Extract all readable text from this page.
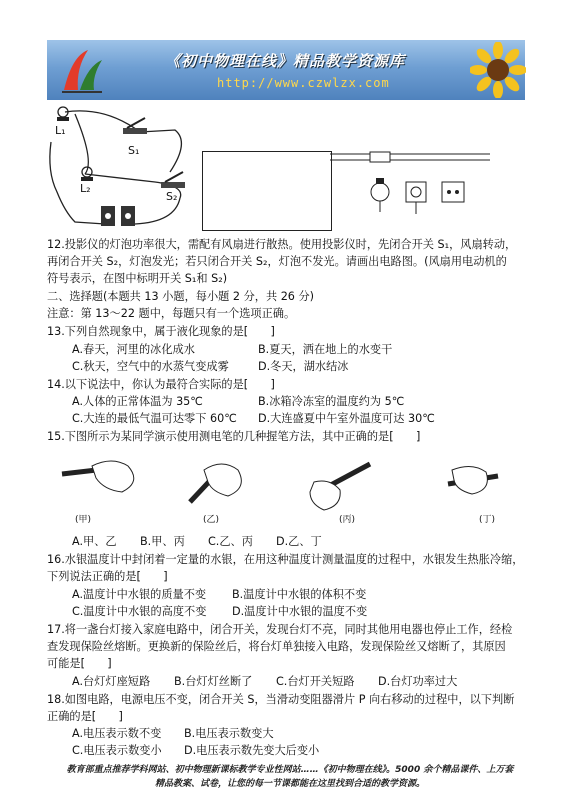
《初中物理在线》精品教学资源库
http://www.czwlzx.com
L₁
S₁
L₂
S₂
12.投影仪的灯泡功率很大，需配有风扇进行散热。使用投影仪时，先闭合开关 S₁，风扇转动，
再闭合开关 S₂，灯泡发光；若只闭合开关 S₂，灯泡不发光。请画出电路图。(风扇用电动机的
符号表示，在图中标明开关 S₁和 S₂)
二、选择题(本题共 13 小题，每小题 2 分，共 26 分)
注意：第 13～22 题中，每题只有一个选项正确。
13.下列自然现象中，属于液化现象的是[　　]
A.春天，河里的冰化成水	B.夏天，洒在地上的水变干
C.秋天，空气中的水蒸气变成雾	D.冬天，湖水结冰
14.以下说法中，你认为最符合实际的是[　　]
A.人体的正常体温为 35℃	B.冰箱冷冻室的温度约为 5℃
C.大连的最低气温可达零下 60℃ D.大连盛夏中午室外温度可达 30℃
15.下图所示为某同学演示使用测电笔的几种握笔方法，其中正确的是[　　]
(甲)	(乙)	(丙)	(丁)
A.甲、乙 B.甲、丙 C.乙、丙 D.乙、丁
16.水银温度计中封闭着一定量的水银，在用这种温度计测量温度的过程中，水银发生热胀冷缩，
下列说法正确的是[　　]
A.温度计中水银的质量不变 B.温度计中水银的体积不变
C.温度计中水银的高度不变 D.温度计中水银的温度不变
17.将一盏台灯接入家庭电路中，闭合开关，发现台灯不亮，同时其他用电器也停止工作，经检
查发现保险丝熔断。更换新的保险丝后，将台灯单独接入电路，发现保险丝又熔断了，其原因
可能是[　　]
A.台灯灯座短路 B.台灯灯丝断了 C.台灯开关短路 D.台灯功率过大
18.如图电路，电源电压不变，闭合开关 S，当滑动变阻器滑片 P 向右移动的过程中，以下判断
正确的是[　　]
A.电压表示数不变 B.电压表示数变大
C.电压表示数变小 D.电压表示数先变大后变小
教育部重点推荐学科网站、初中物理新课标教学专业性网站……《初中物理在线》。5000 余个精品课件、上万套
精品教案、试卷，让您的每一节课都能在这里找到合适的教学资源。
